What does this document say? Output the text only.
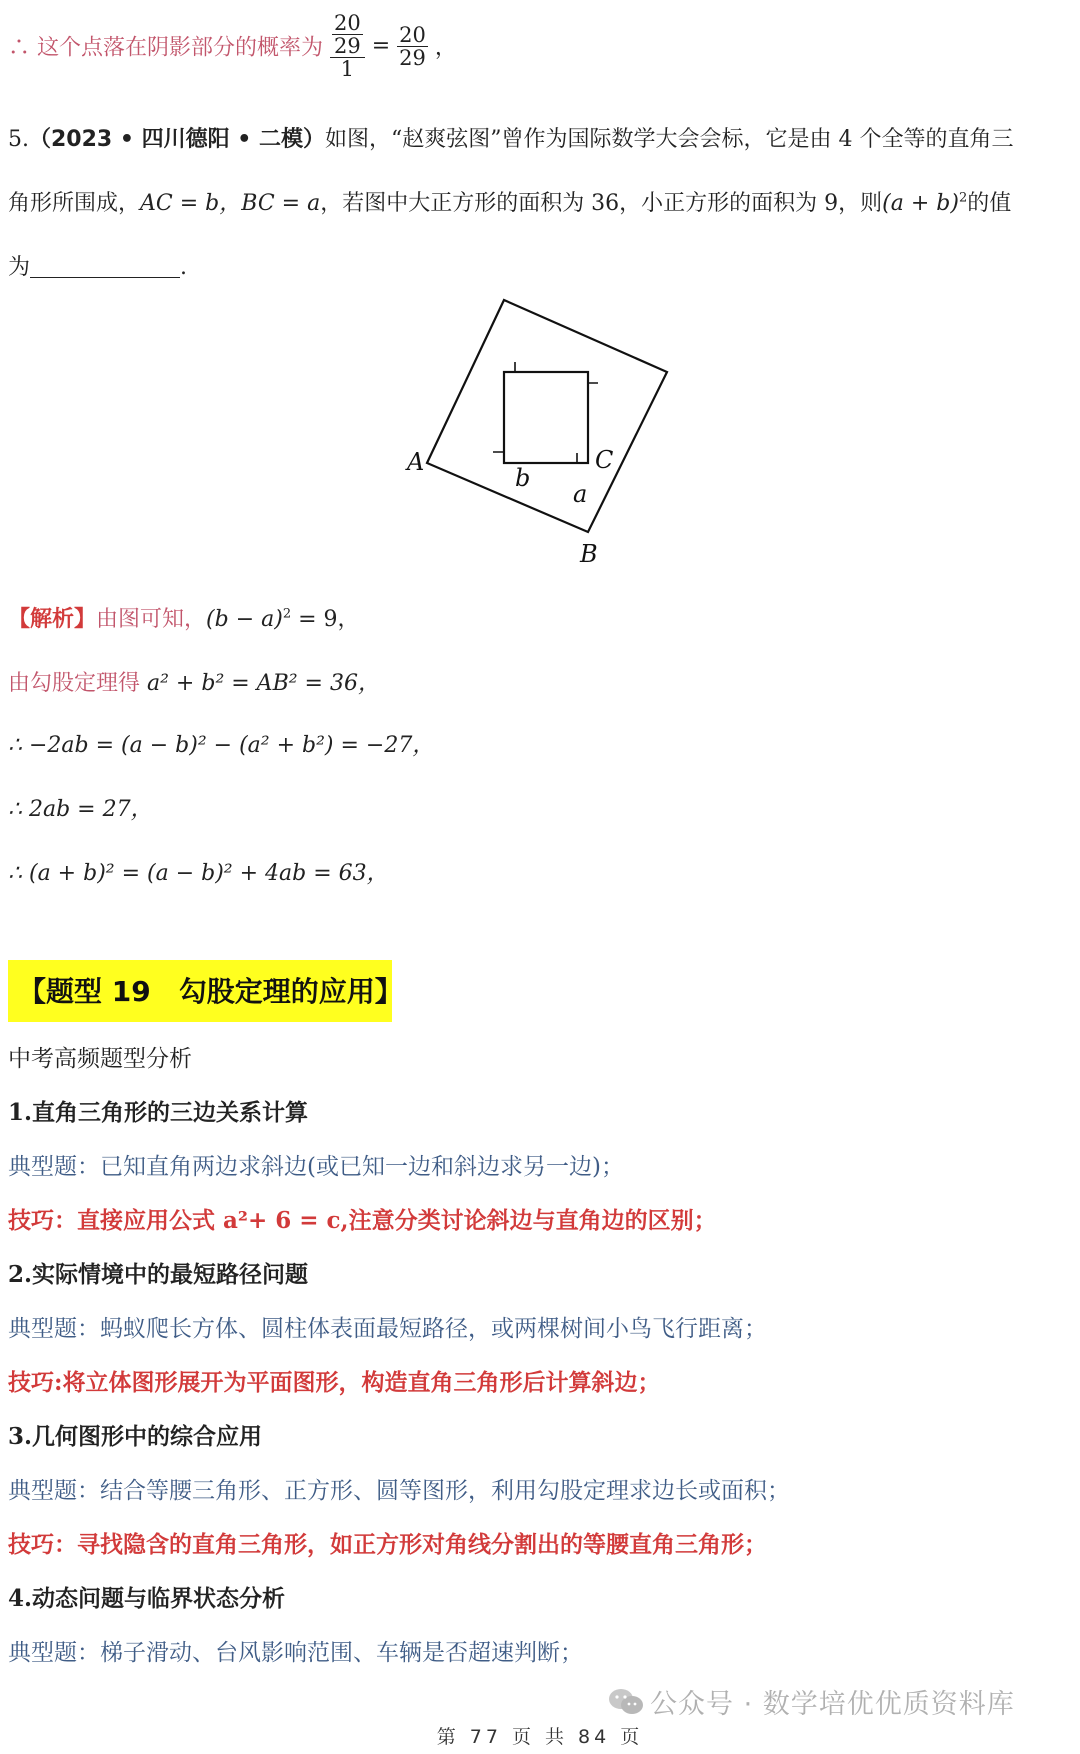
∴ 这个点落在阴影部分的概率为 $\frac{\frac{20}{29}}{1} = \frac{20}{29}$ ，
5.（2023 • 四川德阳 • 二模）如图，“赵爽弦图”曾作为国际数学大会会标，它是由 4 个全等的直角三
角形所围成，AC = b，BC = a，若图中大正方形的面积为 36，小正方形的面积为 9，则$(a + b)^2$的值
为	.
A	C
B
b
a
【解析】由图可知，$(b - a)^2 = 9$，
由勾股定理得 a² + b² = AB² = 36，
∴ −2ab = (a − b)² − (a² + b²) = −27，
∴ 2ab = 27，
∴ (a + b)² = (a − b)² + 4ab = 63，
【题型 19　勾股定理的应用】
中考高频题型分析
1.直角三角形的三边关系计算
典型题：已知直角两边求斜边(或已知一边和斜边求另一边)；
技巧：直接应用公式 a²+ 6 = c,注意分类讨论斜边与直角边的区别；
2.实际情境中的最短路径问题
典型题：蚂蚁爬长方体、圆柱体表面最短路径，或两棵树间小鸟飞行距离；
技巧:将立体图形展开为平面图形，构造直角三角形后计算斜边；
3.几何图形中的综合应用
典型题：结合等腰三角形、正方形、圆等图形，利用勾股定理求边长或面积；
技巧：寻找隐含的直角三角形，如正方形对角线分割出的等腰直角三角形；
4.动态问题与临界状态分析
典型题：梯子滑动、台风影响范围、车辆是否超速判断；
公众号 · 数学培优优质资料库
第 77 页 共 84 页
